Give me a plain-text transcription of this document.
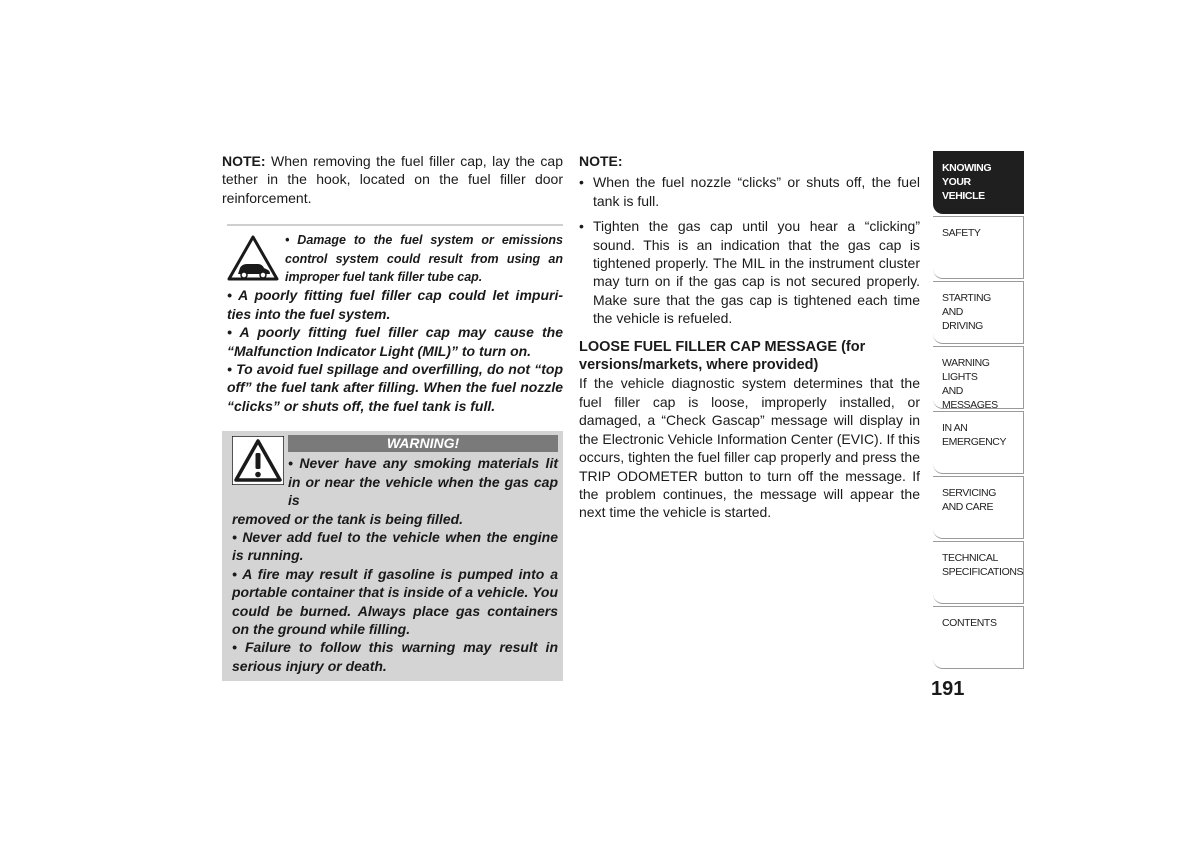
NOTE: When removing the fuel filler cap, lay the cap tether in the hook, located on the fuel filler door reinforcement.

• Damage to the fuel system or emissions control system could result from using an improper fuel tank filler tube cap.

• A poorly fitting fuel filler cap could let impuri- ties into the fuel system.

• A poorly fitting fuel filler cap may cause the “Malfunction Indicator Light (MIL)” to turn on.

• To avoid fuel spillage and overfilling, do not “top off” the fuel tank after filling. When the fuel nozzle “clicks” or shuts off, the fuel tank is full.

WARNING!

• Never have any smoking materials lit in or near the vehicle when the gas cap is

removed or the tank is being filled.

• Never add fuel to the vehicle when the engine is running.

• A fire may result if gasoline is pumped into a portable container that is inside of a vehicle. You could be burned. Always place gas containers on the ground while filling.

• Failure to follow this warning may result in serious injury or death.

NOTE:

• When the fuel nozzle “clicks” or shuts off, the fuel tank is full.
• Tighten the gas cap until you hear a “clicking” sound. This is an indication that the gas cap is tightened properly. The MIL in the instrument cluster may turn on if the gas cap is not secured properly. Make sure that the gas cap is tightened each time the vehicle is refueled.

LOOSE FUEL FILLER CAP MESSAGE (for versions/markets, where provided)

If the vehicle diagnostic system determines that the fuel filler cap is loose, improperly installed, or damaged, a “Check Gascap” message will display in the Electronic Vehicle Information Center (EVIC). If this occurs, tighten the fuel filler cap properly and press the TRIP ODOMETER button to turn off the message. If the problem continues, the message will appear the next time the vehicle is started.

KNOWING
YOUR
VEHICLE
SAFETY
STARTING
AND
DRIVING
WARNING
LIGHTS
AND
MESSAGES
IN AN
EMERGENCY
SERVICING
AND CARE
TECHNICAL
SPECIFICATIONS
CONTENTS
191
